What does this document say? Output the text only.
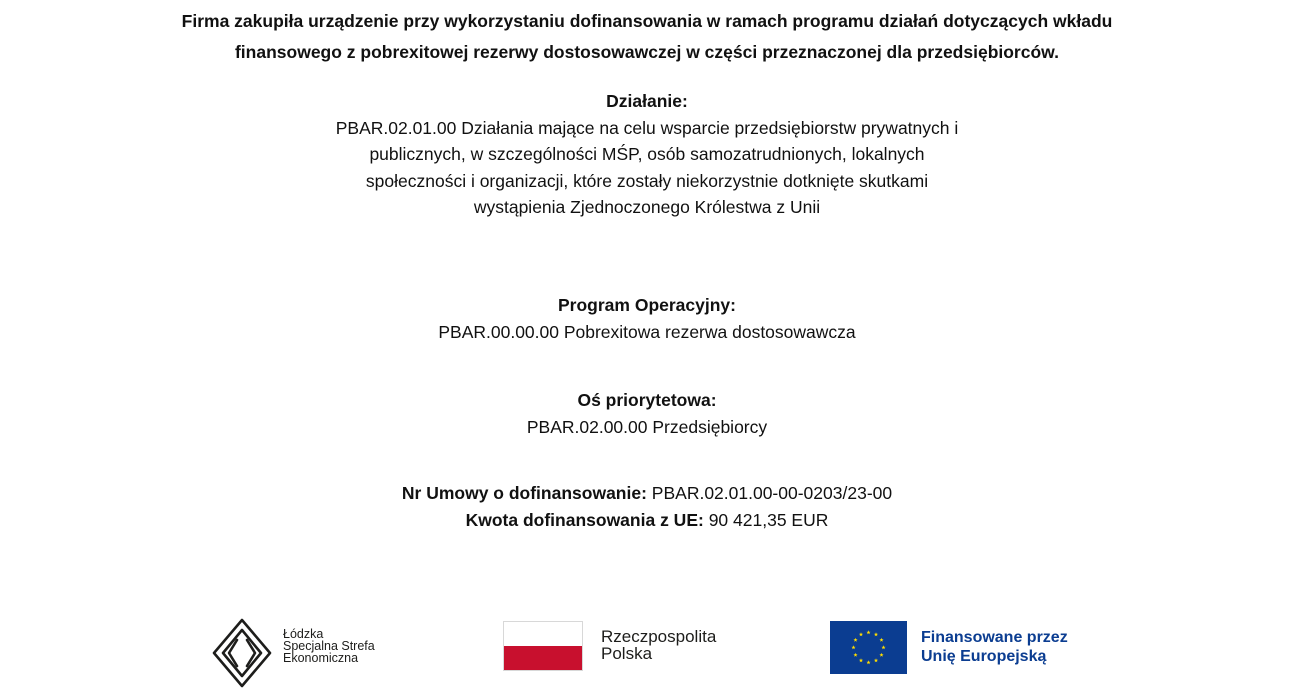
Firma zakupiła urządzenie przy wykorzystaniu dofinansowania w ramach programu działań dotyczących wkładu
finansowego z pobrexitowej rezerwy dostosowawczej w części przeznaczonej dla przedsiębiorców.
Działanie:
PBAR.02.01.00 Działania mające na celu wsparcie przedsiębiorstw prywatnych i publicznych, w szczególności MŚP, osób samozatrudnionych, lokalnych społeczności i organizacji, które zostały niekorzystnie dotknięte skutkami wystąpienia Zjednoczonego Królestwa z Unii
Program Operacyjny:
PBAR.00.00.00 Pobrexitowa rezerwa dostosowawcza
Oś priorytetowa:
PBAR.02.00.00 Przedsiębiorcy
Nr Umowy o dofinansowanie: PBAR.02.01.00-00-0203/23-00
Kwota dofinansowania z UE: 90 421,35 EUR
Łódzka
Specjalna Strefa
Ekonomiczna
Rzeczpospolita
Polska
Finansowane przez
Unię Europejską
